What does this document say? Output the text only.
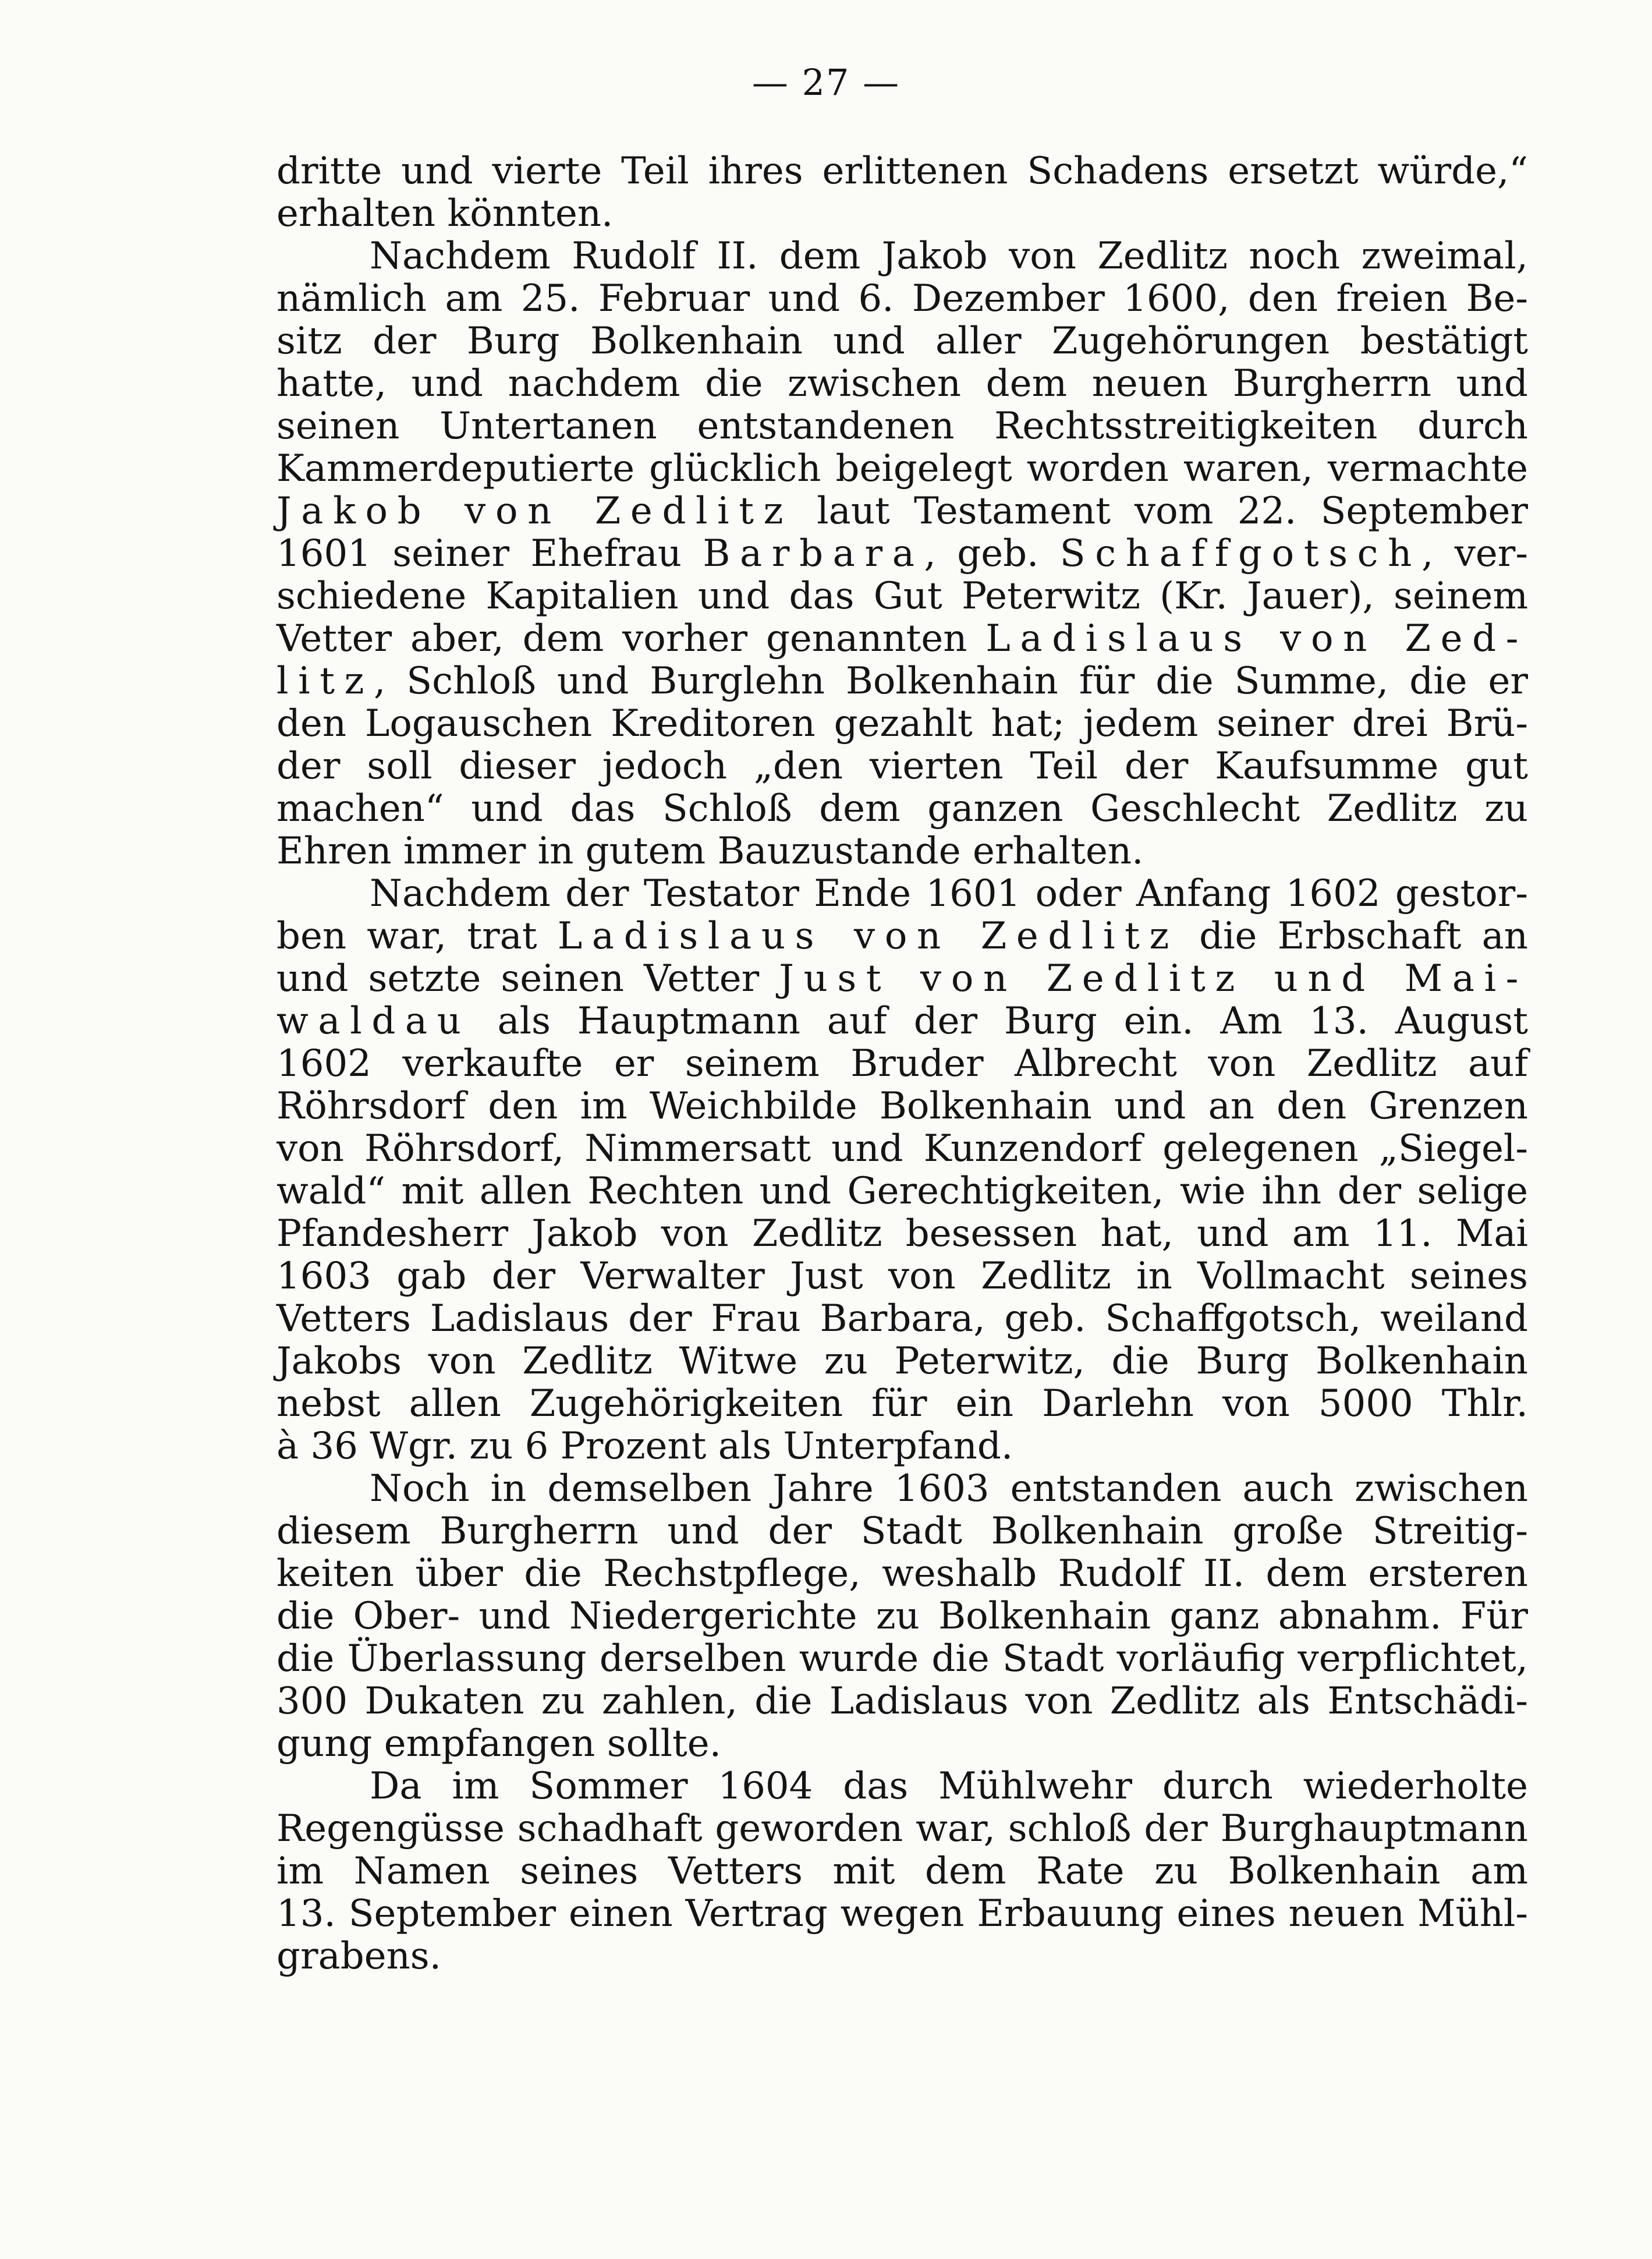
— 27 —
dritte und vierte Teil ihres erlittenen Schadens ersetzt würde,“
erhalten könnten.
Nachdem Rudolf II. dem Jakob von Zedlitz noch zweimal,
nämlich am 25. Februar und 6. Dezember 1600, den freien Be-
sitz der Burg Bolkenhain und aller Zugehörungen bestätigt
hatte, und nachdem die zwischen dem neuen Burgherrn und
seinen Untertanen entstandenen Rechtsstreitigkeiten durch
Kammerdeputierte glücklich beigelegt worden waren, vermachte
Jakob von Zedlitz laut Testament vom 22. September
1601 seiner Ehefrau Barbara, geb. Schaffgotsch, ver-
schiedene Kapitalien und das Gut Peterwitz (Kr. Jauer), seinem
Vetter aber, dem vorher genannten Ladislaus von Zed-
litz, Schloß und Burglehn Bolkenhain für die Summe, die er
den Logauschen Kreditoren gezahlt hat; jedem seiner drei Brü-
der soll dieser jedoch „den vierten Teil der Kaufsumme gut
machen“ und das Schloß dem ganzen Geschlecht Zedlitz zu
Ehren immer in gutem Bauzustande erhalten.
Nachdem der Testator Ende 1601 oder Anfang 1602 gestor-
ben war, trat Ladislaus von Zedlitz die Erbschaft an
und setzte seinen Vetter Just von Zedlitz und Mai-
waldau als Hauptmann auf der Burg ein. Am 13. August
1602 verkaufte er seinem Bruder Albrecht von Zedlitz auf
Röhrsdorf den im Weichbilde Bolkenhain und an den Grenzen
von Röhrsdorf, Nimmersatt und Kunzendorf gelegenen „Siegel-
wald“ mit allen Rechten und Gerechtigkeiten, wie ihn der selige
Pfandesherr Jakob von Zedlitz besessen hat, und am 11. Mai
1603 gab der Verwalter Just von Zedlitz in Vollmacht seines
Vetters Ladislaus der Frau Barbara, geb. Schaffgotsch, weiland
Jakobs von Zedlitz Witwe zu Peterwitz, die Burg Bolkenhain
nebst allen Zugehörigkeiten für ein Darlehn von 5000 Thlr.
à 36 Wgr. zu 6 Prozent als Unterpfand.
Noch in demselben Jahre 1603 entstanden auch zwischen
diesem Burgherrn und der Stadt Bolkenhain große Streitig-
keiten über die Rechstpflege, weshalb Rudolf II. dem ersteren
die Ober- und Niedergerichte zu Bolkenhain ganz abnahm. Für
die Überlassung derselben wurde die Stadt vorläufig verpflichtet,
300 Dukaten zu zahlen, die Ladislaus von Zedlitz als Entschädi-
gung empfangen sollte.
Da im Sommer 1604 das Mühlwehr durch wiederholte
Regengüsse schadhaft geworden war, schloß der Burghauptmann
im Namen seines Vetters mit dem Rate zu Bolkenhain am
13. September einen Vertrag wegen Erbauung eines neuen Mühl-
grabens.
